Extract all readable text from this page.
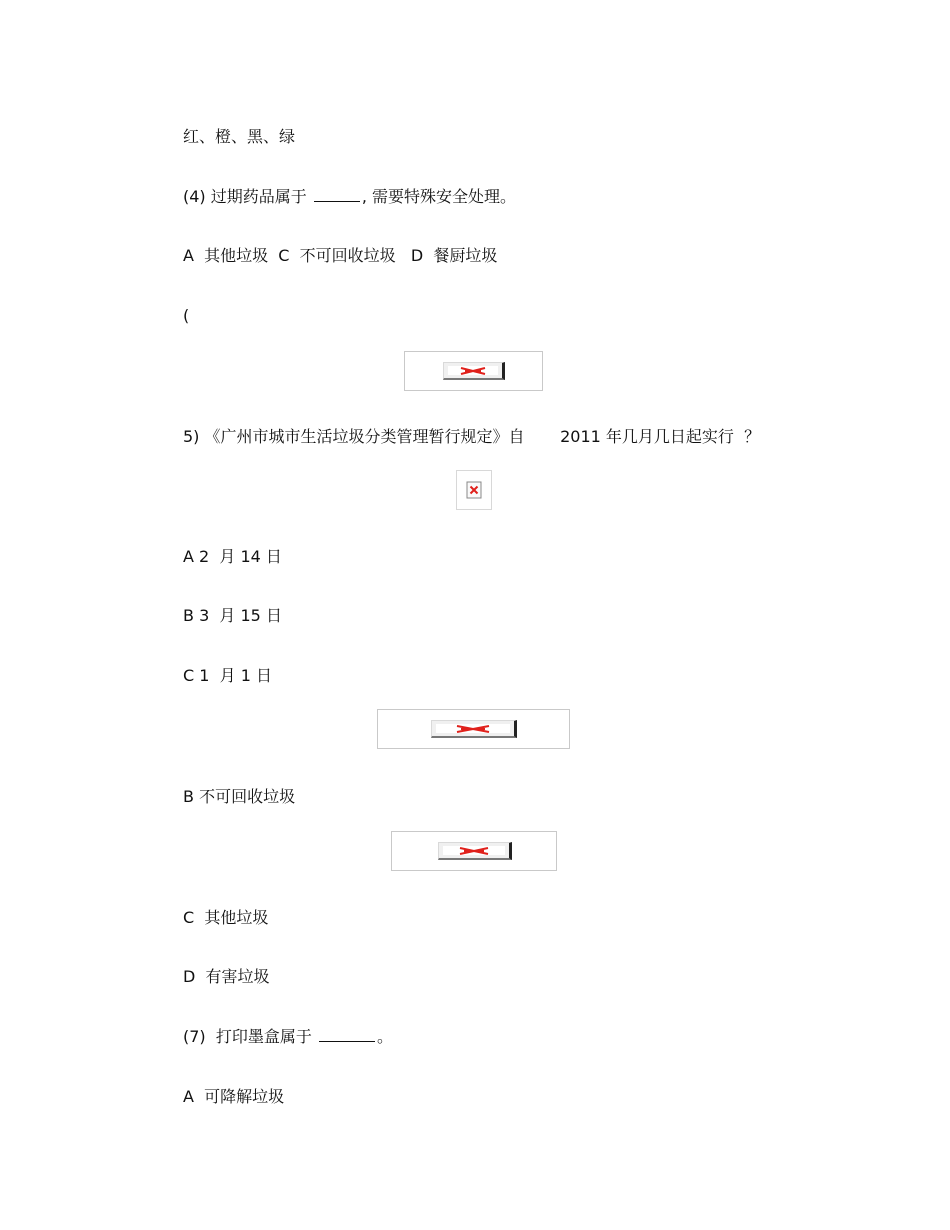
红、橙、黑、绿
(4) 过期药品属于	, 需要特殊安全处理。
A  其他垃圾  C  不可回收垃圾   D  餐厨垃圾
(
5) 《广州市城市生活垃圾分类管理暂行规定》自       2011 年几月几日起实行  ？
A 2  月 14 日
B 3  月 15 日
C 1  月 1 日
B 不可回收垃圾
C  其他垃圾
D  有害垃圾
(7)  打印墨盒属于	。
A  可降解垃圾
